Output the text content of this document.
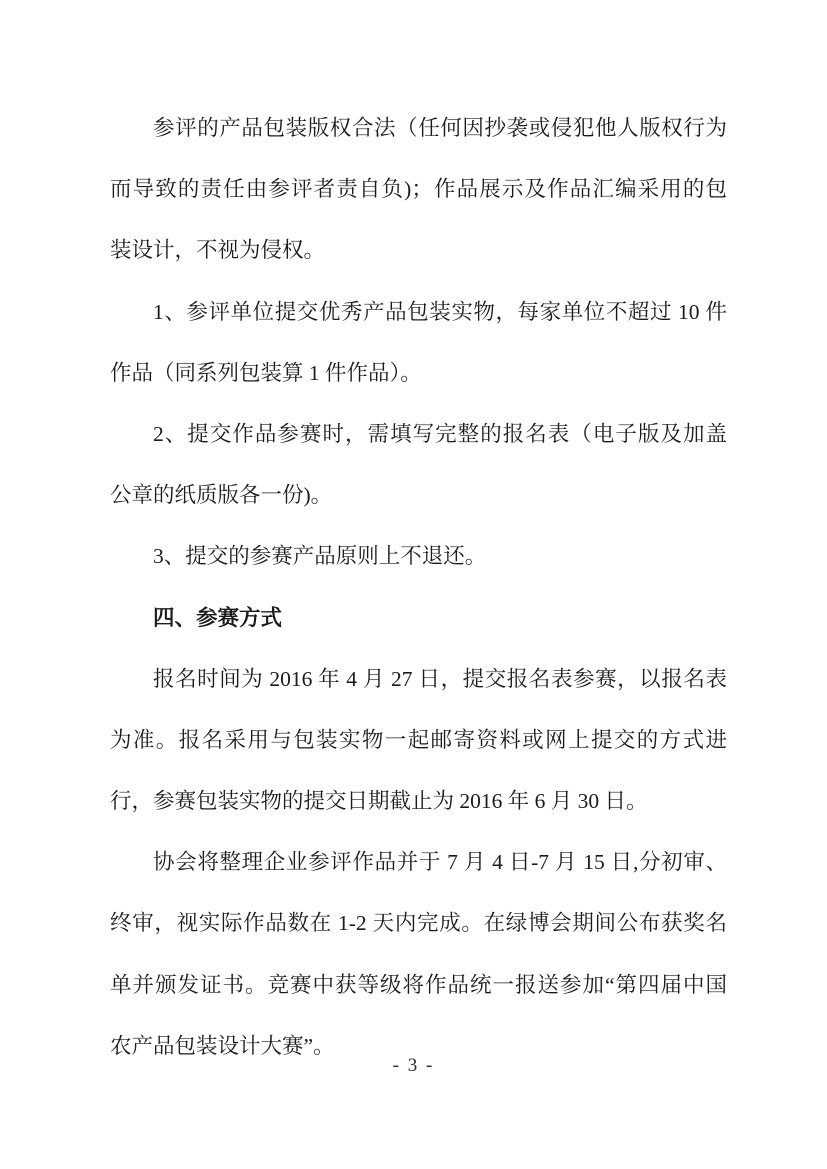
参评的产品包装版权合法（任何因抄袭或侵犯他人版权行为
而导致的责任由参评者责自负)；作品展示及作品汇编采用的包
装设计，不视为侵权。
1、参评单位提交优秀产品包装实物，每家单位不超过 10 件
作品（同系列包装算 1 件作品）。
2、提交作品参赛时，需填写完整的报名表（电子版及加盖
公章的纸质版各一份)。
3、提交的参赛产品原则上不退还。
四、参赛方式
报名时间为 2016 年 4 月 27 日，提交报名表参赛，以报名表
为准。报名采用与包装实物一起邮寄资料或网上提交的方式进
行，参赛包装实物的提交日期截止为 2016 年 6 月 30 日。
协会将整理企业参评作品并于 7 月 4 日-7 月 15 日,分初审、
终审，视实际作品数在 1-2 天内完成。在绿博会期间公布获奖名
单并颁发证书。竞赛中获等级将作品统一报送参加“第四届中国
农产品包装设计大赛”。
- 3 -
